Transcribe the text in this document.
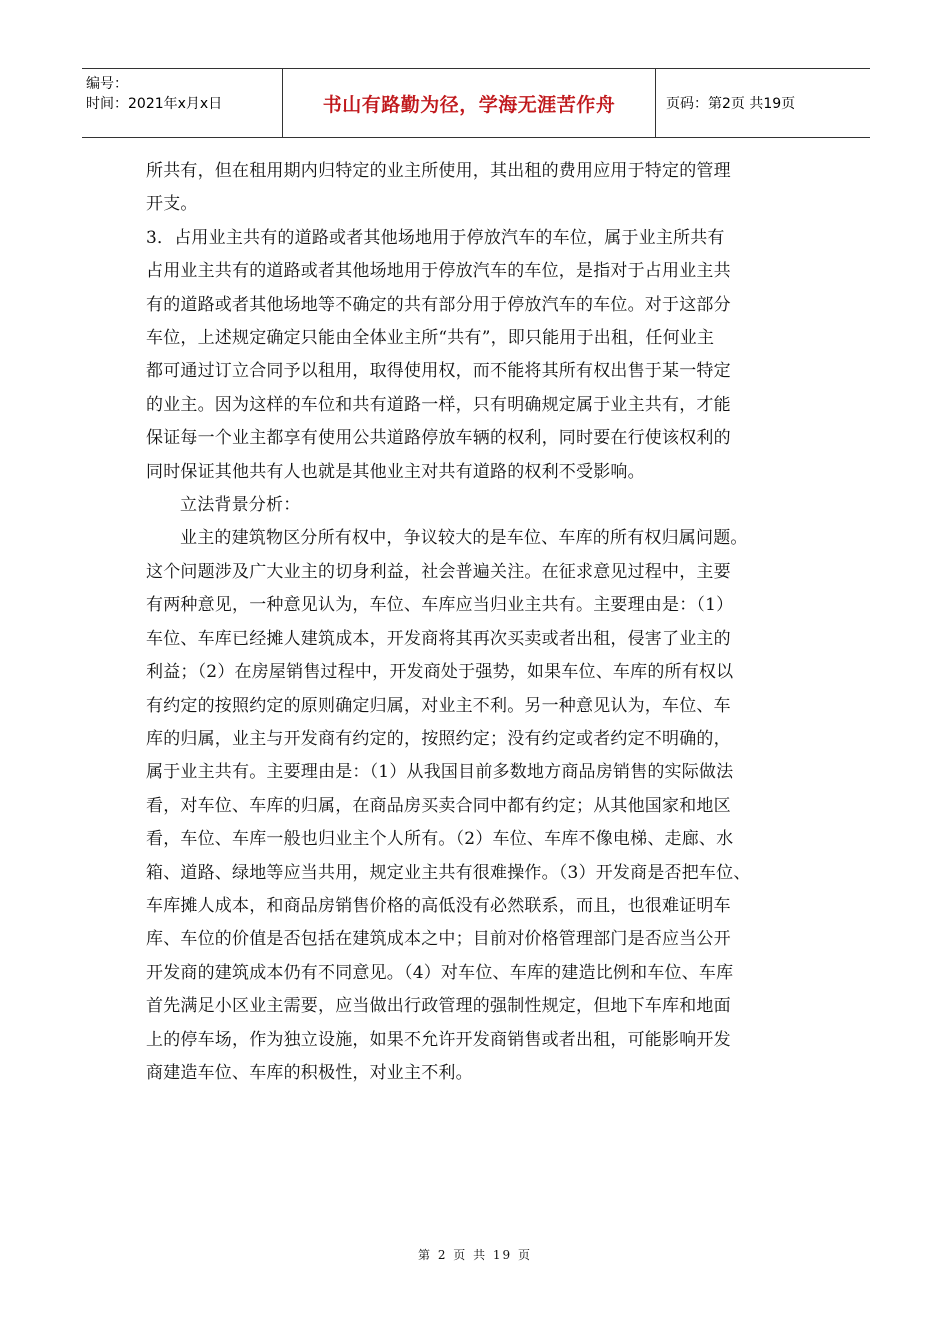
编号：
时间：2021年x月x日	书山有路勤为径，学海无涯苦作舟	页码：第2页 共19页

所共有，但在租用期内归特定的业主所使用，其出租的费用应用于特定的管理

开支。

3．占用业主共有的道路或者其他场地用于停放汽车的车位，属于业主所共有

占用业主共有的道路或者其他场地用于停放汽车的车位，是指对于占用业主共

有的道路或者其他场地等不确定的共有部分用于停放汽车的车位。对于这部分

车位，上述规定确定只能由全体业主所“共有”，即只能用于出租，任何业主

都可通过订立合同予以租用，取得使用权，而不能将其所有权出售于某一特定

的业主。因为这样的车位和共有道路一样，只有明确规定属于业主共有，才能

保证每一个业主都享有使用公共道路停放车辆的权利，同时要在行使该权利的

同时保证其他共有人也就是其他业主对共有道路的权利不受影响。

立法背景分析：

业主的建筑物区分所有权中，争议较大的是车位、车库的所有权归属问题。

这个问题涉及广大业主的切身利益，社会普遍关注。在征求意见过程中，主要

有两种意见，一种意见认为，车位、车库应当归业主共有。主要理由是：（1）

车位、车库已经摊人建筑成本，开发商将其再次买卖或者出租，侵害了业主的

利益；（2）在房屋销售过程中，开发商处于强势，如果车位、车库的所有权以

有约定的按照约定的原则确定归属，对业主不利。另一种意见认为，车位、车

库的归属，业主与开发商有约定的，按照约定；没有约定或者约定不明确的，

属于业主共有。主要理由是：（1）从我国目前多数地方商品房销售的实际做法

看，对车位、车库的归属，在商品房买卖合同中都有约定；从其他国家和地区

看，车位、车库一般也归业主个人所有。（2）车位、车库不像电梯、走廊、水

箱、道路、绿地等应当共用，规定业主共有很难操作。（3）开发商是否把车位、

车库摊人成本，和商品房销售价格的高低没有必然联系，而且，也很难证明车

库、车位的价值是否包括在建筑成本之中；目前对价格管理部门是否应当公开

开发商的建筑成本仍有不同意见。（4）对车位、车库的建造比例和车位、车库

首先满足小区业主需要，应当做出行政管理的强制性规定，但地下车库和地面

上的停车场，作为独立设施，如果不允许开发商销售或者出租，可能影响开发

商建造车位、车库的积极性，对业主不利。

第 2 页 共 19 页
